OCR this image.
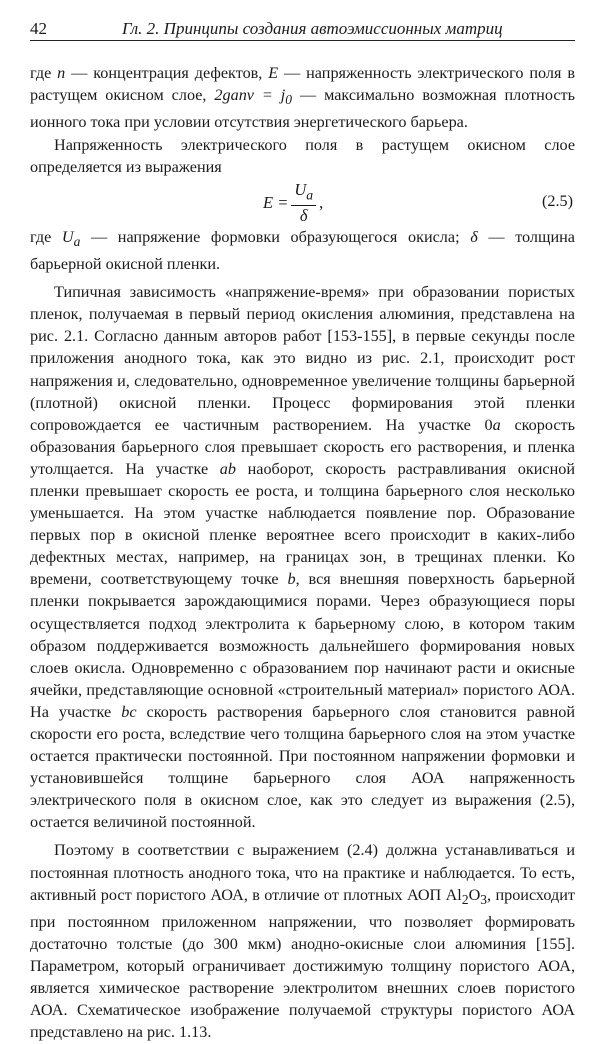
42	Гл. 2. Принципы создания автоэмиссионных матриц

где n — концентрация дефектов, E — напряженность электрического поля в растущем окисном слое, $2gan\nu = j_0$ — максимально возможная плотность ионного тока при условии отсутствия энергетического барьера.

Напряженность электрического поля в растущем окисном слое определяется из выражения

$E = \frac{U_a}{\delta}$ ,	(2.5)

где $U_a$ — напряжение формовки образующегося окисла; δ — толщина барьерной окисной пленки.

Типичная зависимость «напряжение-время» при образовании пористых пленок, получаемая в первый период окисления алюминия, представлена на рис. 2.1. Согласно данным авторов работ [153-155], в первые секунды после приложения анодного тока, как это видно из рис. 2.1, происходит рост напряжения и, следовательно, одновременное увеличение толщины барьерной (плотной) окисной пленки. Процесс формирования этой пленки сопровождается ее частичным растворением. На участке 0a скорость образования барьерного слоя превышает скорость его растворения, и пленка утолщается. На участке ab наоборот, скорость растравливания окисной пленки превышает скорость ее роста, и толщина барьерного слоя несколько уменьшается. На этом участке наблюдается появление пор. Образование первых пор в окисной пленке вероятнее всего происходит в каких-либо дефектных местах, например, на границах зон, в трещинах пленки. Ко времени, соответствующему точке b, вся внешняя поверхность барьерной пленки покрывается зарождающимися порами. Через образующиеся поры осуществляется подход электролита к барьерному слою, в котором таким образом поддерживается возможность дальнейшего формирования новых слоев окисла. Одновременно с образованием пор начинают расти и окисные ячейки, представляющие основной «строительный материал» пористого АОА. На участке bc скорость растворения барьерного слоя становится равной скорости его роста, вследствие чего толщина барьерного слоя на этом участке остается практически постоянной. При постоянном напряжении формовки и установившейся толщине барьерного слоя АОА напряженность электрического поля в окисном слое, как это следует из выражения (2.5), остается величиной постоянной.

Поэтому в соответствии с выражением (2.4) должна устанавливаться и постоянная плотность анодного тока, что на практике и наблюдается. То есть, активный рост пористого АОА, в отличие от плотных АОП $Al_2O_3$, происходит при постоянном приложенном напряжении, что позволяет формировать достаточно толстые (до 300 мкм) анодно-окисные слои алюминия [155]. Параметром, который ограничивает достижимую толщину пористого АОА, является химическое растворение электролитом внешних слоев пористого АОА. Схематическое изображение получаемой структуры пористого АОА представлено на рис. 1.13.
